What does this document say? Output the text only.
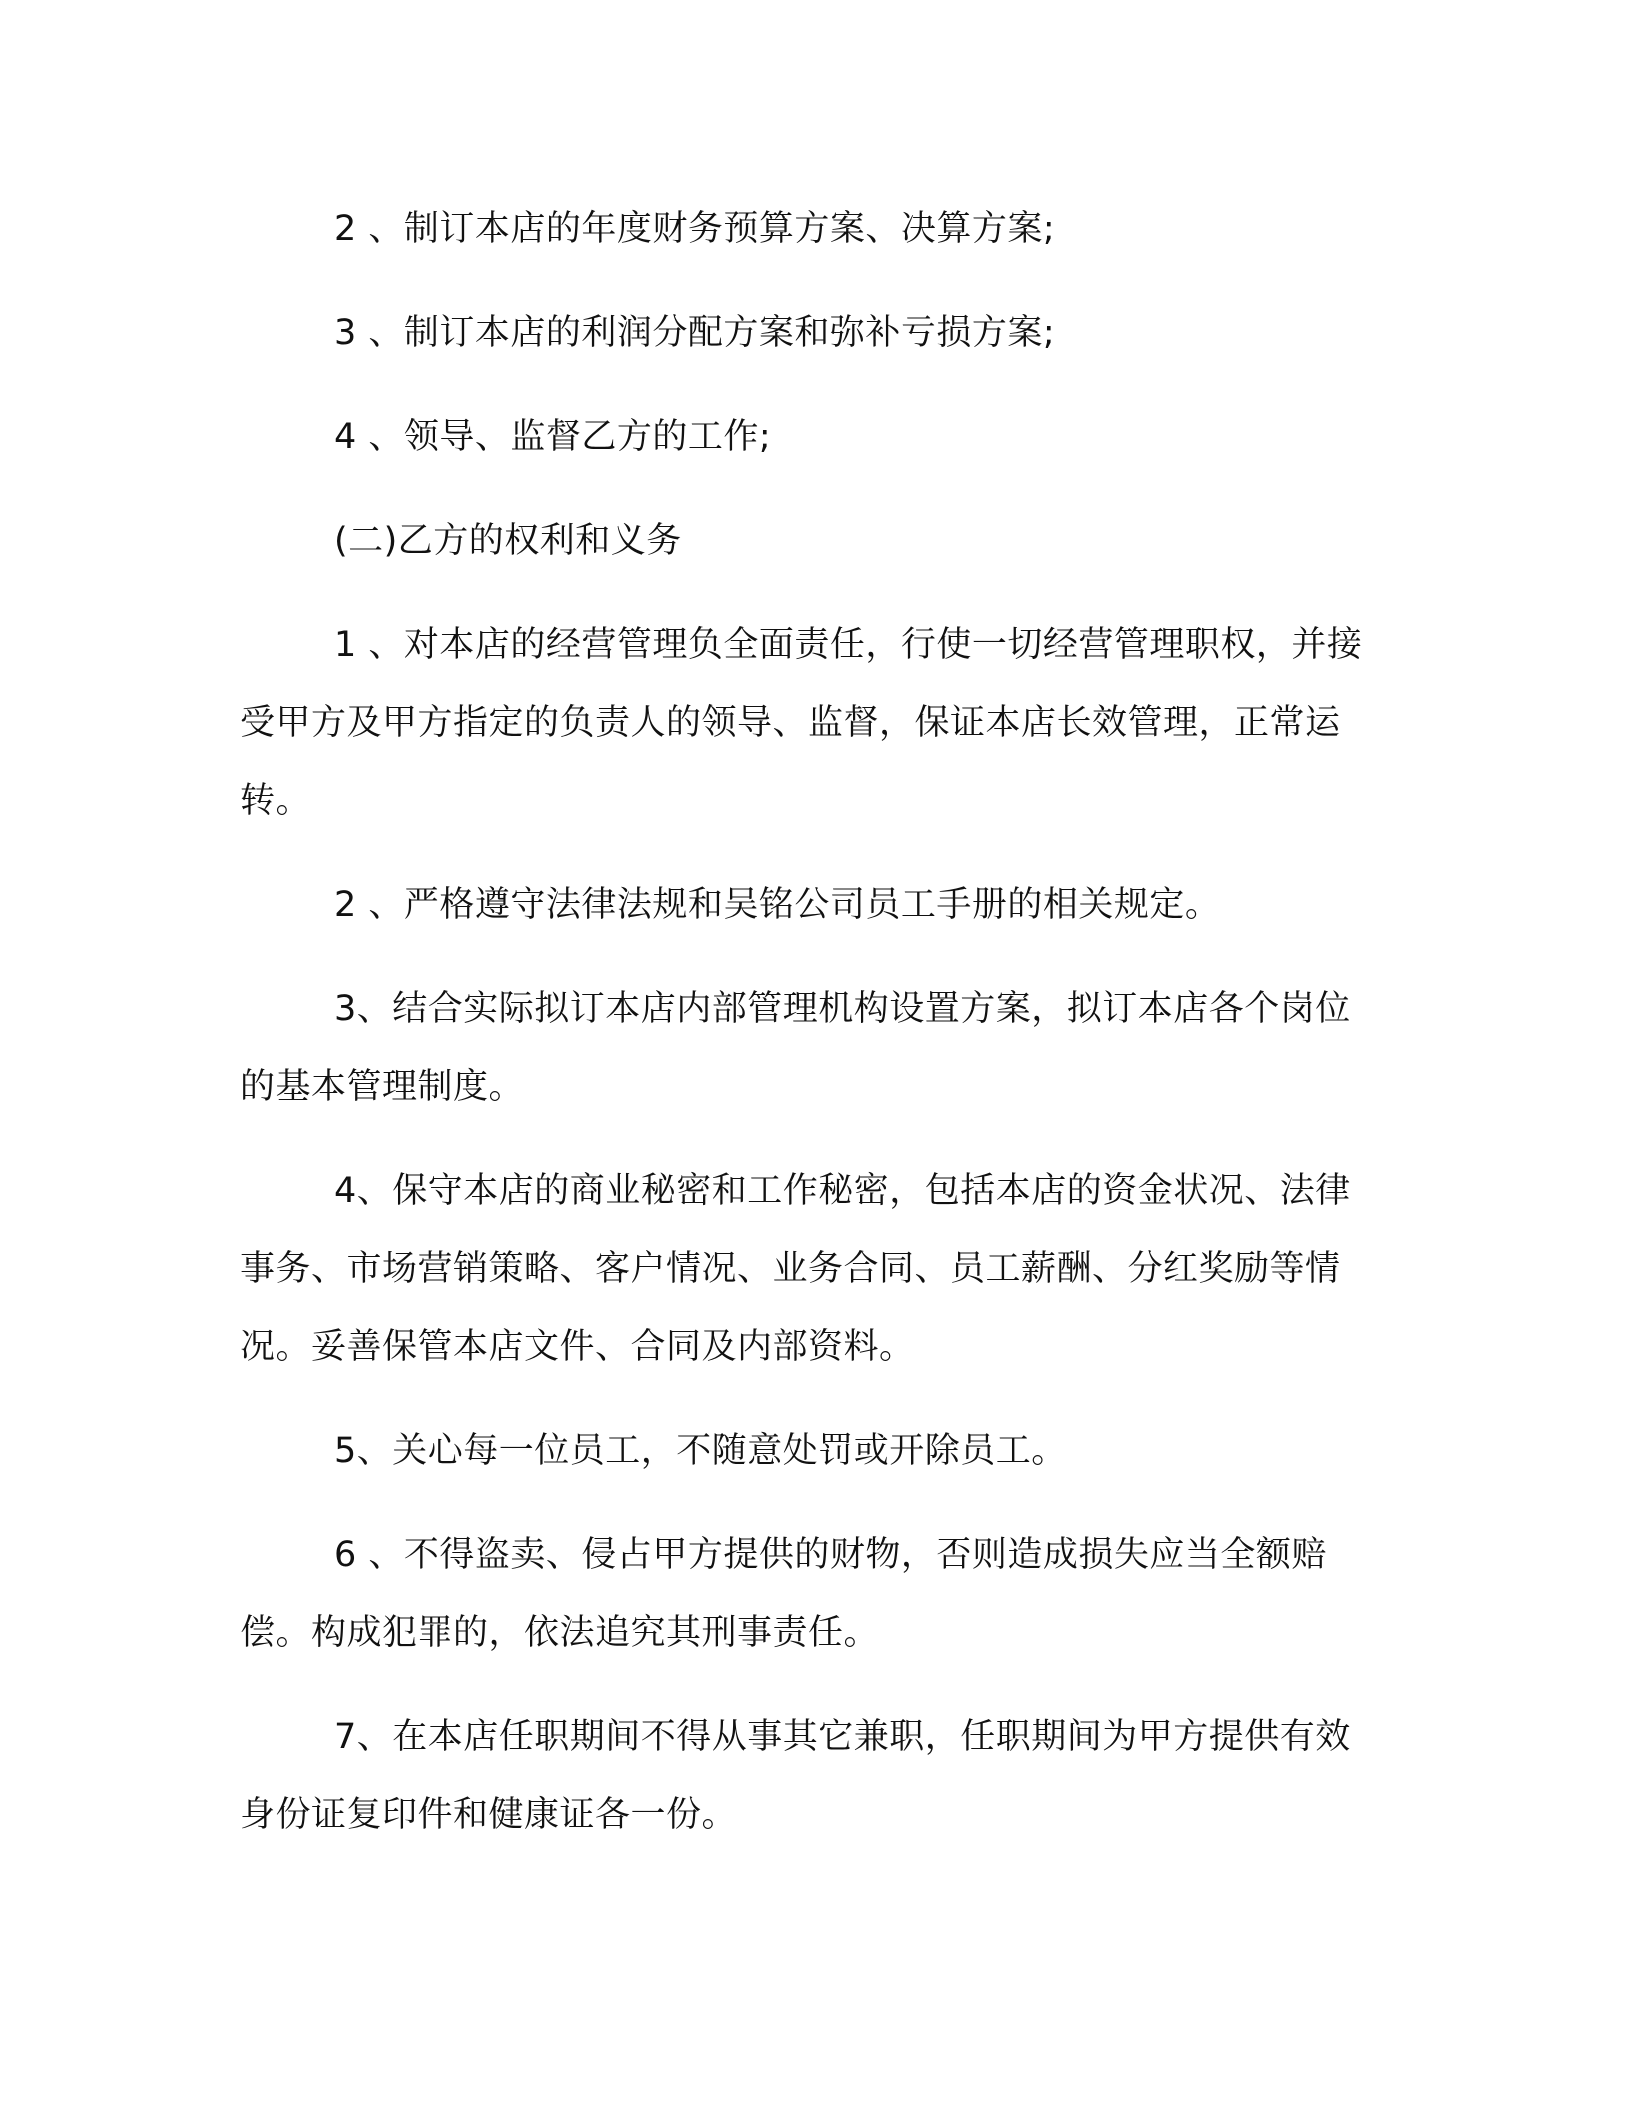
2 、制订本店的年度财务预算方案、决算方案;

3 、制订本店的利润分配方案和弥补亏损方案;

4 、领导、监督乙方的工作;

(二)乙方的权利和义务

1 、对本店的经营管理负全面责任，行使一切经营管理职权，并接受甲方及甲方指定的负责人的领导、监督，保证本店长效管理，正常运转。

2 、严格遵守法律法规和吴铭公司员工手册的相关规定。

3、结合实际拟订本店内部管理机构设置方案，拟订本店各个岗位的基本管理制度。

4、保守本店的商业秘密和工作秘密，包括本店的资金状况、法律事务、市场营销策略、客户情况、业务合同、员工薪酬、分红奖励等情况。妥善保管本店文件、合同及内部资料。

5、关心每一位员工，不随意处罚或开除员工。

6 、不得盗卖、侵占甲方提供的财物，否则造成损失应当全额赔偿。构成犯罪的，依法追究其刑事责任。

7、在本店任职期间不得从事其它兼职，任职期间为甲方提供有效身份证复印件和健康证各一份。
